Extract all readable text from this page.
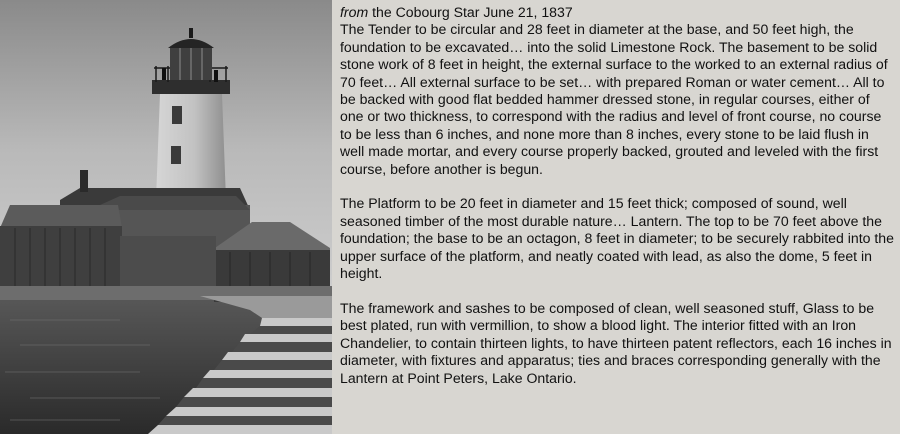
from the Cobourg Star June 21, 1837

The Tender to be circular and 28 feet in diameter at the base, and 50 feet high, the foundation to be excavated… into the solid Limestone Rock. The basement to be solid stone work of 8 feet in height, the external surface to the worked to an external radius of 70 feet… All external surface to be set… with prepared Roman or water cement… All to be backed with good flat bedded hammer dressed stone, in regular courses, either of one or two thickness, to correspond with the radius and level of front course, no course to be less than 6 inches, and none more than 8 inches, every stone to be laid flush in well made mortar, and every course properly backed, grouted and leveled with the first course, before another is begun.

The Platform to be 20 feet in diameter and 15 feet thick; composed of sound, well seasoned timber of the most durable nature… Lantern. The top to be 70 feet above the foundation; the base to be an octagon, 8 feet in diameter; to be securely rabbited into the upper surface of the platform, and neatly coated with lead, as also the dome, 5 feet in height.

The framework and sashes to be composed of clean, well seasoned stuff, Glass to be best plated, run with vermillion, to show a blood light. The interior fitted with an Iron Chandelier, to contain thirteen lights, to have thirteen patent reflectors, each 16 inches in diameter, with fixtures and apparatus; ties and braces corresponding generally with the Lantern at Point Peters, Lake Ontario.
